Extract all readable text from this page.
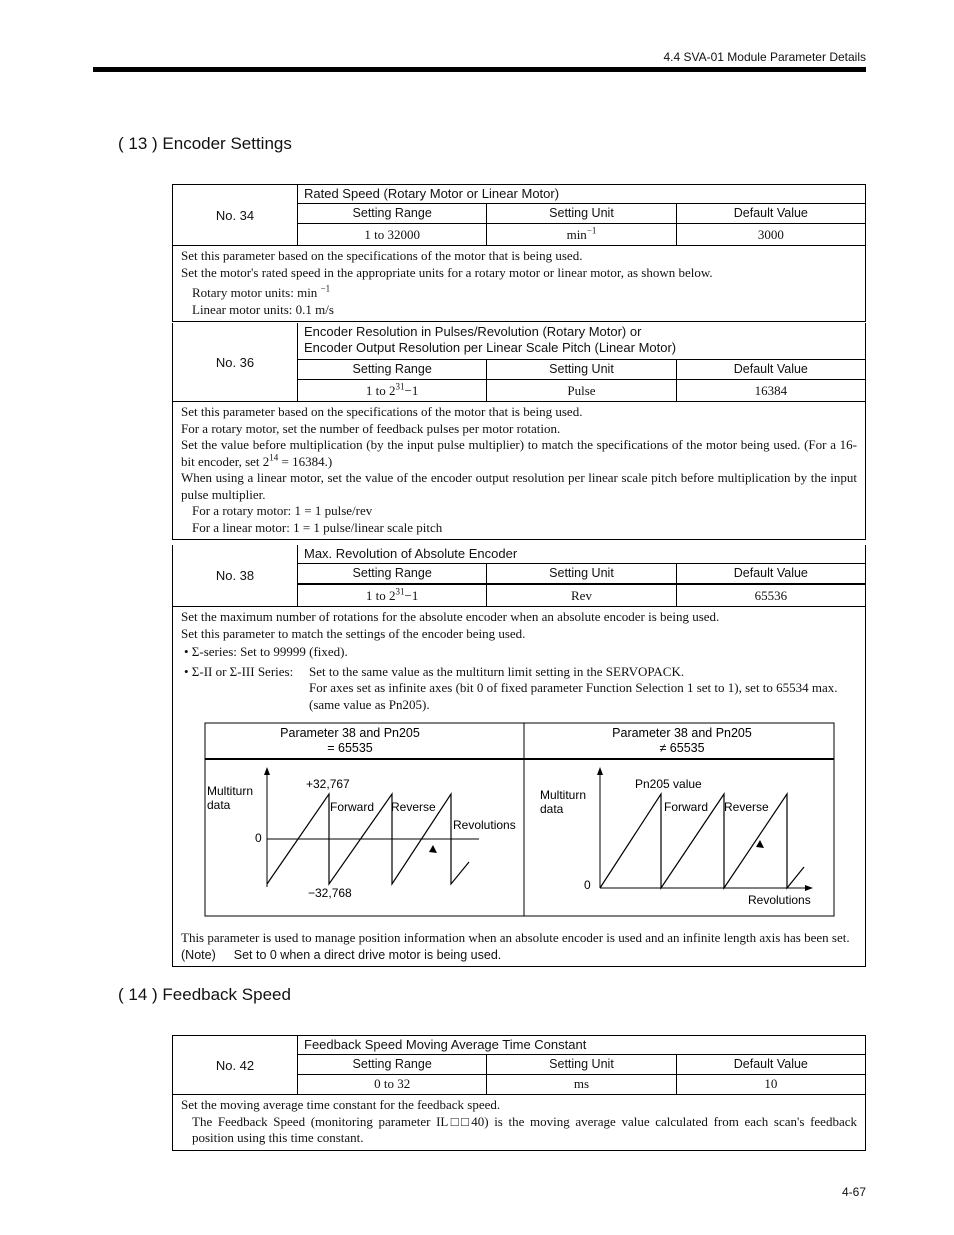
4.4 SVA-01 Module Parameter Details
( 13 ) Encoder Settings
No. 34
Rated Speed (Rotary Motor or Linear Motor)
Setting Range	Setting Unit	Default Value
1 to 32000	$\min^{-1}$	3000

Set this parameter based on the specifications of the motor that is being used.

Set the motor's rated speed in the appropriate units for a rotary motor or linear motor, as shown below.

Rotary motor units: min $^{-1}$

Linear motor units: 0.1 m/s

No. 36
Encoder Resolution in Pulses/Revolution (Rotary Motor) or
Encoder Output Resolution per Linear Scale Pitch (Linear Motor)
Setting Range	Setting Unit	Default Value
1 to $2^{31}-1$	Pulse	16384

Set this parameter based on the specifications of the motor that is being used.

For a rotary motor, set the number of feedback pulses per motor rotation.

Set the value before multiplication (by the input pulse multiplier) to match the specifications of the motor being used. (For a 16-bit encoder, set $2^{14} = 16384$.)

When using a linear motor, set the value of the encoder output resolution per linear scale pitch before multiplication by the input pulse multiplier.

For a rotary motor: 1 = 1 pulse/rev

For a linear motor: 1 = 1 pulse/linear scale pitch

No. 38
Max. Revolution of Absolute Encoder
Setting Range	Setting Unit	Default Value
1 to $2^{31}-1$	Rev	65536

Set the maximum number of rotations for the absolute encoder when an absolute encoder is being used.

Set this parameter to match the settings of the encoder being used.

• Σ-series: Set to 99999 (fixed).

• Σ-II or Σ-III Series:	Set to the same value as the multiturn limit setting in the SERVOPACK.

For axes set as infinite axes (bit 0 of fixed parameter Function Selection 1 set to 1), set to 65534 max. (same value as Pn205).

Parameter 38 and Pn205
= 65535
Parameter 38 and Pn205
≠ 65535
Multiturn
data
+32,767
0
−32,768
Forward Reverse
Revolutions
Multiturn
data
Pn205 value
0
Forward Reverse
Revolutions

This parameter is used to manage position information when an absolute encoder is used and an infinite length axis has been set.

(Note) Set to 0 when a direct drive motor is being used.

( 14 ) Feedback Speed
No. 42
Feedback Speed Moving Average Time Constant
Setting Range	Setting Unit	Default Value
0 to 32	ms	10

Set the moving average time constant for the feedback speed.

The Feedback Speed (monitoring parameter IL□□40) is the moving average value calculated from each scan's feedback position using this time constant.

4-67
